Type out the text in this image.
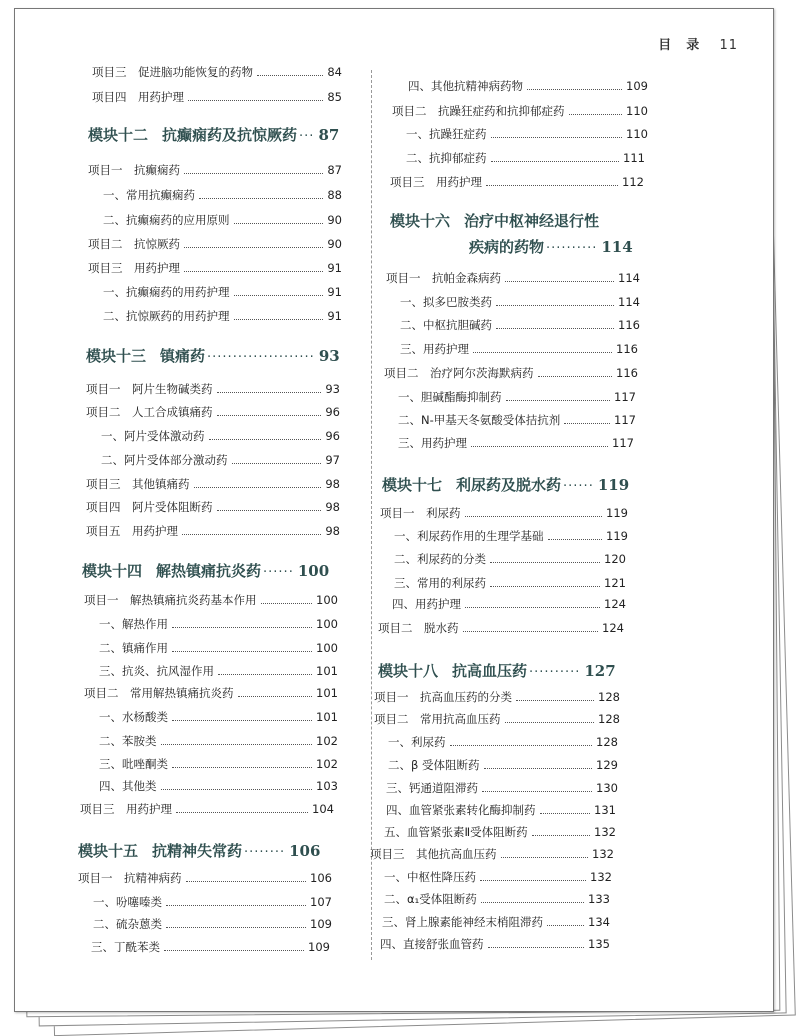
目　录 11
项目三　促进脑功能恢复的药物	84
项目四　用药护理	85
项目一　抗癫痫药	87
一、常用抗癫痫药	88
二、抗癫痫药的应用原则	90
项目二　抗惊厥药	90
项目三　用药护理	91
一、抗癫痫药的用药护理	91
二、抗惊厥药的用药护理	91
项目一　阿片生物碱类药	93
项目二　人工合成镇痛药	96
一、阿片受体激动药	96
二、阿片受体部分激动药	97
项目三　其他镇痛药	98
项目四　阿片受体阻断药	98
项目五　用药护理	98
项目一　解热镇痛抗炎药基本作用	100
一、解热作用	100
二、镇痛作用	100
三、抗炎、抗风湿作用	101
项目二　常用解热镇痛抗炎药	101
一、水杨酸类	101
二、苯胺类	102
三、吡唑酮类	102
四、其他类	103
项目三　用药护理	104
项目一　抗精神病药	106
一、吩噻嗪类	107
二、硫杂蒽类	109
三、丁酰苯类	109
模块十二 抗癫痫药及抗惊厥药 ··· 87
模块十三 镇痛药 ····················· 93
模块十四 解热镇痛抗炎药 ······ 100
模块十五 抗精神失常药 ········ 106
四、其他抗精神病药物	109
项目二　抗躁狂症药和抗抑郁症药	110
一、抗躁狂症药	110
二、抗抑郁症药	111
项目三　用药护理	112
项目一　抗帕金森病药	114
一、拟多巴胺类药	114
二、中枢抗胆碱药	116
三、用药护理	116
项目二　治疗阿尔茨海默病药	116
一、胆碱酯酶抑制药	117
二、N-甲基天冬氨酸受体拮抗剂	117
三、用药护理	117
项目一　利尿药	119
一、利尿药作用的生理学基础	119
二、利尿药的分类	120
三、常用的利尿药	121
四、用药护理	124
项目二　脱水药	124
项目一　抗高血压药的分类	128
项目二　常用抗高血压药	128
一、利尿药	128
二、β 受体阻断药	129
三、钙通道阻滞药	130
四、血管紧张素转化酶抑制药	131
五、血管紧张素Ⅱ受体阻断药	132
项目三　其他抗高血压药	132
一、中枢性降压药	132
二、α₁受体阻断药	133
三、肾上腺素能神经末梢阻滞药	134
四、直接舒张血管药	135
模块十六 治疗中枢神经退行性
疾病的药物 ·········· 114
模块十七 利尿药及脱水药 ······ 119
模块十八 抗高血压药 ·········· 127
